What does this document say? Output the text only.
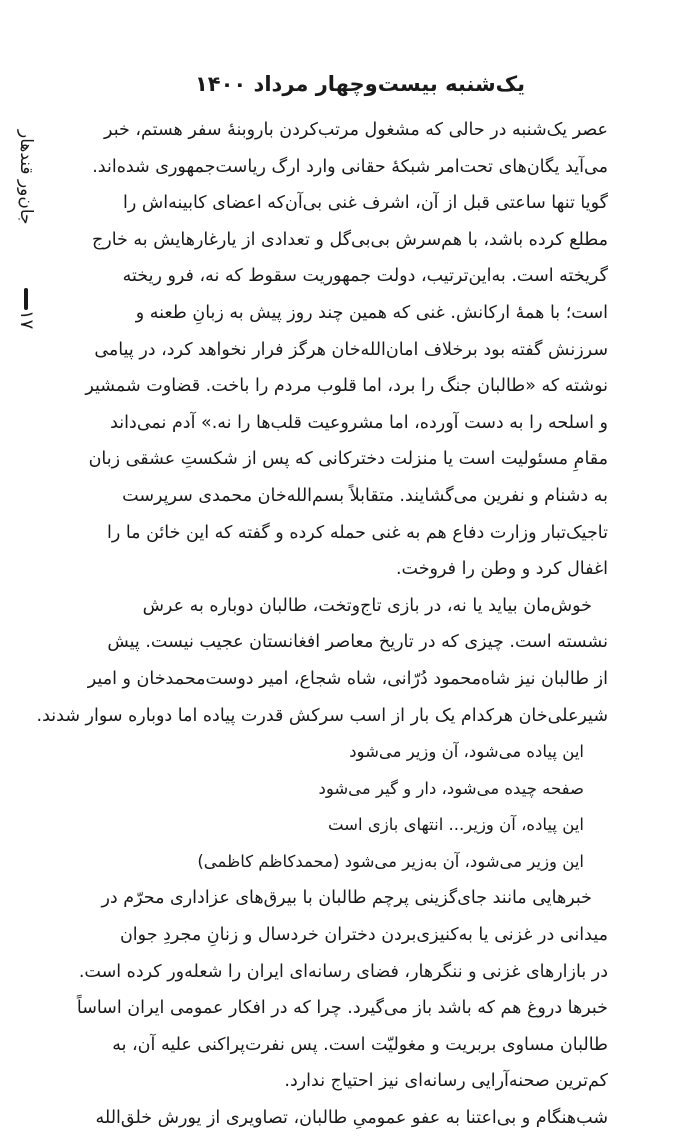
جان‌ور قندهار
١٧
یک‌شنبه بیست‌وچهار مرداد ۱۴۰۰
عصر یک‌شنبه در حالی که مشغول مرتب‌کردن باروبنهٔ سفر هستم، خبر
می‌آید یگان‌های تحت‌امر شبکهٔ حقانی وارد ارگ ریاست‌جمهوری شده‌اند.
گویا تنها ساعتی قبل از آن، اشرف غنی بی‌آن‌که اعضای کابینه‌اش را
مطلع کرده باشد، با هم‌سرش بی‌بی‌گل و تعدادی از یارغارهایش به خارج
گریخته است. به‌این‌ترتیب، دولت جمهوریت سقوط که نه، فرو ریخته
است؛ با همهٔ ارکانش. غنی که همین چند روز پیش به زبانِ طعنه و
سرزنش گفته بود برخلاف امان‌الله‌خان هرگز فرار نخواهد کرد، در پیامی
نوشته که «طالبان جنگ را برد، اما قلوب مردم را باخت. قضاوت شمشیر
و اسلحه را به دست آورده، اما مشروعیت قلب‌ها را نه.» آدم نمی‌داند
مقامِ مسئولیت است یا منزلت دخترکانی که پس از شکستِ عشقی زبان
به دشنام و نفرین می‌گشایند. متقابلاً بسم‌الله‌خان محمدی سرپرست
تاجیک‌تبار وزارت دفاع هم به غنی حمله کرده و گفته که این خائن ما را
اغفال کرد و وطن را فروخت.
خوش‌مان بیاید یا نه، در بازی تاج‌وتخت، طالبان دوباره به عرش
نشسته است. چیزی که در تاریخ معاصر افغانستان عجیب نیست. پیش
از طالبان نیز شاه‌محمود دُرّانی، شاه شجاع، امیر دوست‌محمدخان و امیر
شیرعلی‌خان هرکدام یک بار از اسب سرکش قدرت پیاده اما دوباره سوار شدند.
این پیاده می‌شود، آن وزیر می‌شود
صفحه چیده می‌شود، دار و گیر می‌شود
این پیاده، آن وزیر... انتهای بازی است
این وزیر می‌شود، آن به‌زیر می‌شود (محمدکاظم کاظمی)
خبرهایی مانند جای‌گزینی پرچم طالبان با بیرق‌های عزاداری محرّم در
میدانی در غزنی یا به‌کنیزی‌بردن دختران خردسال و زنانِ مجردِ جوان
در بازارهای غزنی و ننگرهار، فضای رسانه‌ای ایران را شعله‌ور کرده است.
خبرها دروغ هم که باشد باز می‌گیرد. چرا که در افکار عمومی ایران اساساً
طالبان مساوی بربریت و مغولیّت است. پس نفرت‌پراکنی علیه آن، به
کم‌ترین صحنه‌آرایی رسانه‌ای نیز احتیاج ندارد.
شب‌هنگام و بی‌اعتنا به عفو عمومیِ طالبان، تصاویری از یورش خلق‌الله
